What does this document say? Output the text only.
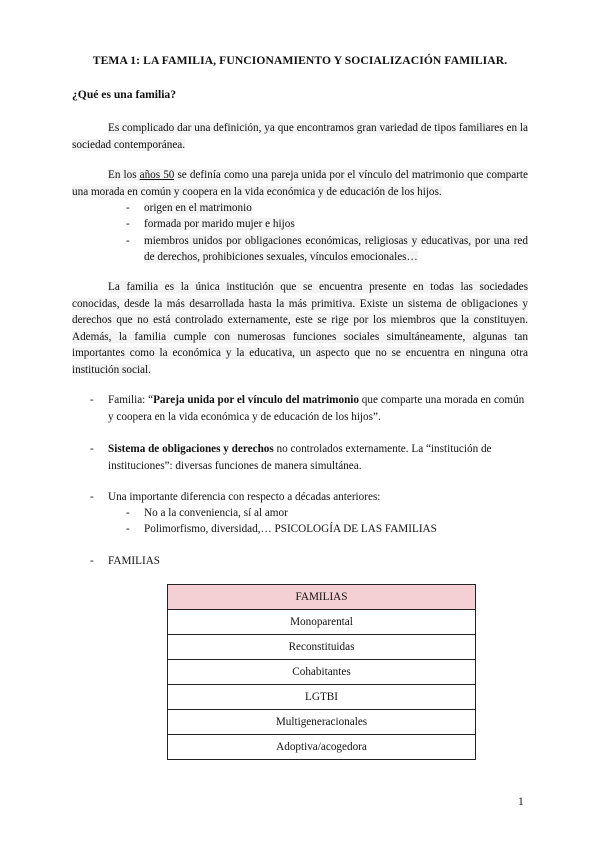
TEMA 1: LA FAMILIA, FUNCIONAMIENTO Y SOCIALIZACIÓN FAMILIAR.
¿Qué es una familia?
Es complicado dar una definición, ya que encontramos gran variedad de tipos familiares en la sociedad contemporánea.
En los años 50 se definía como una pareja unida por el vínculo del matrimonio que comparte una morada en común y coopera en la vida económica y de educación de los hijos.
- origen en el matrimonio
- formada por marido mujer e hijos
- miembros unidos por obligaciones económicas, religiosas y educativas, por una red de derechos, prohibiciones sexuales, vínculos emocionales…
La familia es la única institución que se encuentra presente en todas las sociedades conocidas, desde la más desarrollada hasta la más primitiva. Existe un sistema de obligaciones y derechos que no está controlado externamente, este se rige por los miembros que la constituyen. Además, la familia cumple con numerosas funciones sociales simultáneamente, algunas tan importantes como la económica y la educativa, un aspecto que no se encuentra en ninguna otra institución social.
- Familia: “Pareja unida por el vínculo del matrimonio que comparte una morada en común y coopera en la vida económica y de educación de los hijos”.
- Sistema de obligaciones y derechos no controlados externamente. La “institución de instituciones”: diversas funciones de manera simultánea.
- Una importante diferencia con respecto a décadas anteriores:
- No a la conveniencia, sí al amor
- Polimorfismo, diversidad,… PSICOLOGÍA DE LAS FAMILIAS
- FAMILIAS
FAMILIAS
Monoparental
Reconstituidas
Cohabitantes
LGTBI
Multigeneracionales
Adoptiva/acogedora
1
